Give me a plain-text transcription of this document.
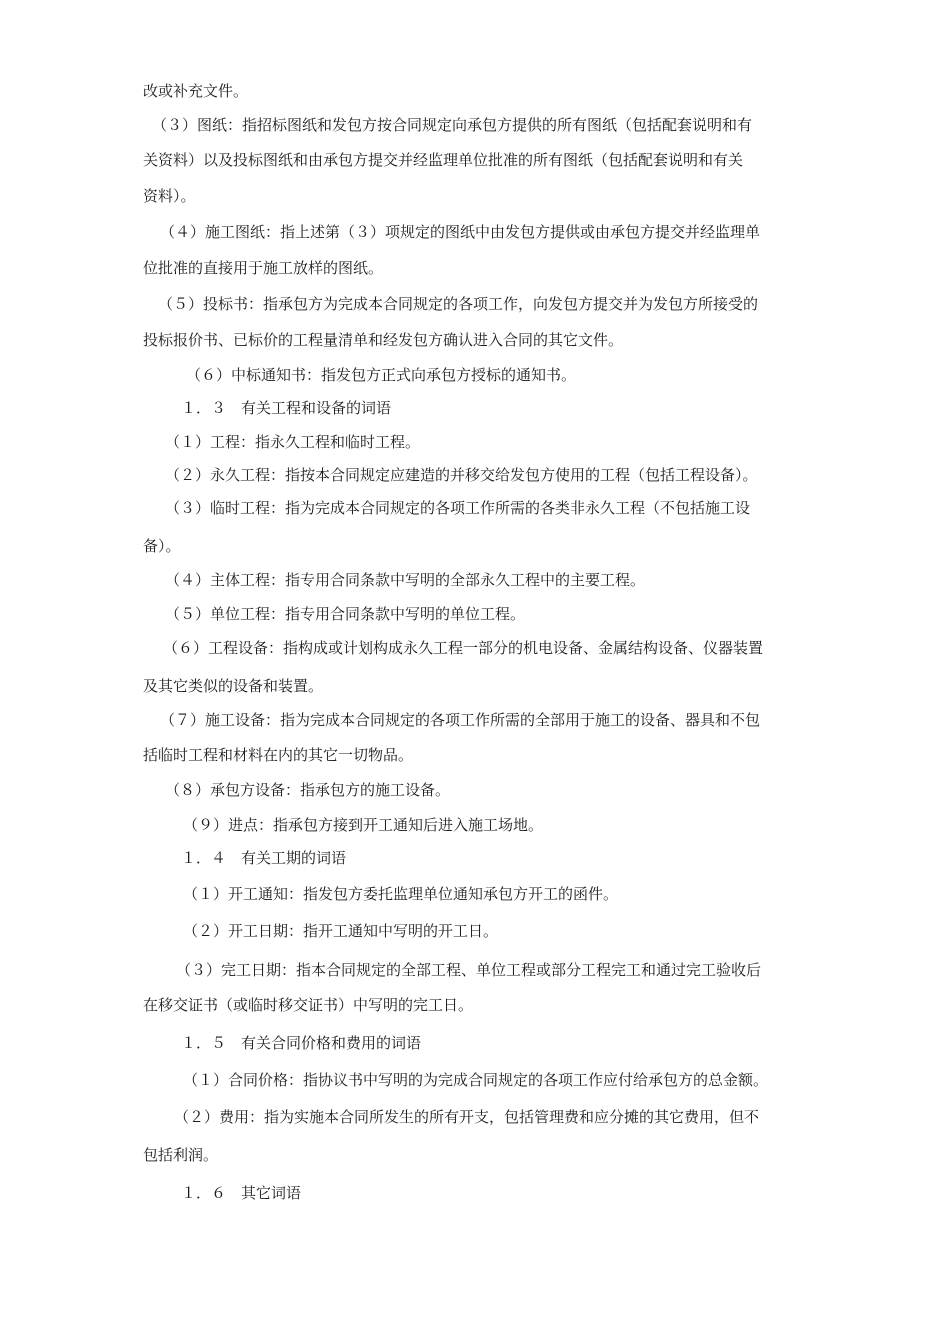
改或补充文件。
（３）图纸：指招标图纸和发包方按合同规定向承包方提供的所有图纸（包括配套说明和有
关资料）以及投标图纸和由承包方提交并经监理单位批准的所有图纸（包括配套说明和有关
资料）。
（４）施工图纸：指上述第（３）项规定的图纸中由发包方提供或由承包方提交并经监理单
位批准的直接用于施工放样的图纸。
（５）投标书：指承包方为完成本合同规定的各项工作，向发包方提交并为发包方所接受的
投标报价书、已标价的工程量清单和经发包方确认进入合同的其它文件。
（６）中标通知书：指发包方正式向承包方授标的通知书。
１．３　有关工程和设备的词语
（１）工程：指永久工程和临时工程。
（２）永久工程：指按本合同规定应建造的并移交给发包方使用的工程（包括工程设备）。
（３）临时工程：指为完成本合同规定的各项工作所需的各类非永久工程（不包括施工设
备）。
（４）主体工程：指专用合同条款中写明的全部永久工程中的主要工程。
（５）单位工程：指专用合同条款中写明的单位工程。
（６）工程设备：指构成或计划构成永久工程一部分的机电设备、金属结构设备、仪器装置
及其它类似的设备和装置。
（７）施工设备：指为完成本合同规定的各项工作所需的全部用于施工的设备、器具和不包
括临时工程和材料在内的其它一切物品。
（８）承包方设备：指承包方的施工设备。
（９）进点：指承包方接到开工通知后进入施工场地。
１．４　有关工期的词语
（１）开工通知：指发包方委托监理单位通知承包方开工的函件。
（２）开工日期：指开工通知中写明的开工日。
（３）完工日期：指本合同规定的全部工程、单位工程或部分工程完工和通过完工验收后
在移交证书（或临时移交证书）中写明的完工日。
１．５　有关合同价格和费用的词语
（１）合同价格：指协议书中写明的为完成合同规定的各项工作应付给承包方的总金额。
（２）费用：指为实施本合同所发生的所有开支，包括管理费和应分摊的其它费用，但不
包括利润。
１．６　其它词语
